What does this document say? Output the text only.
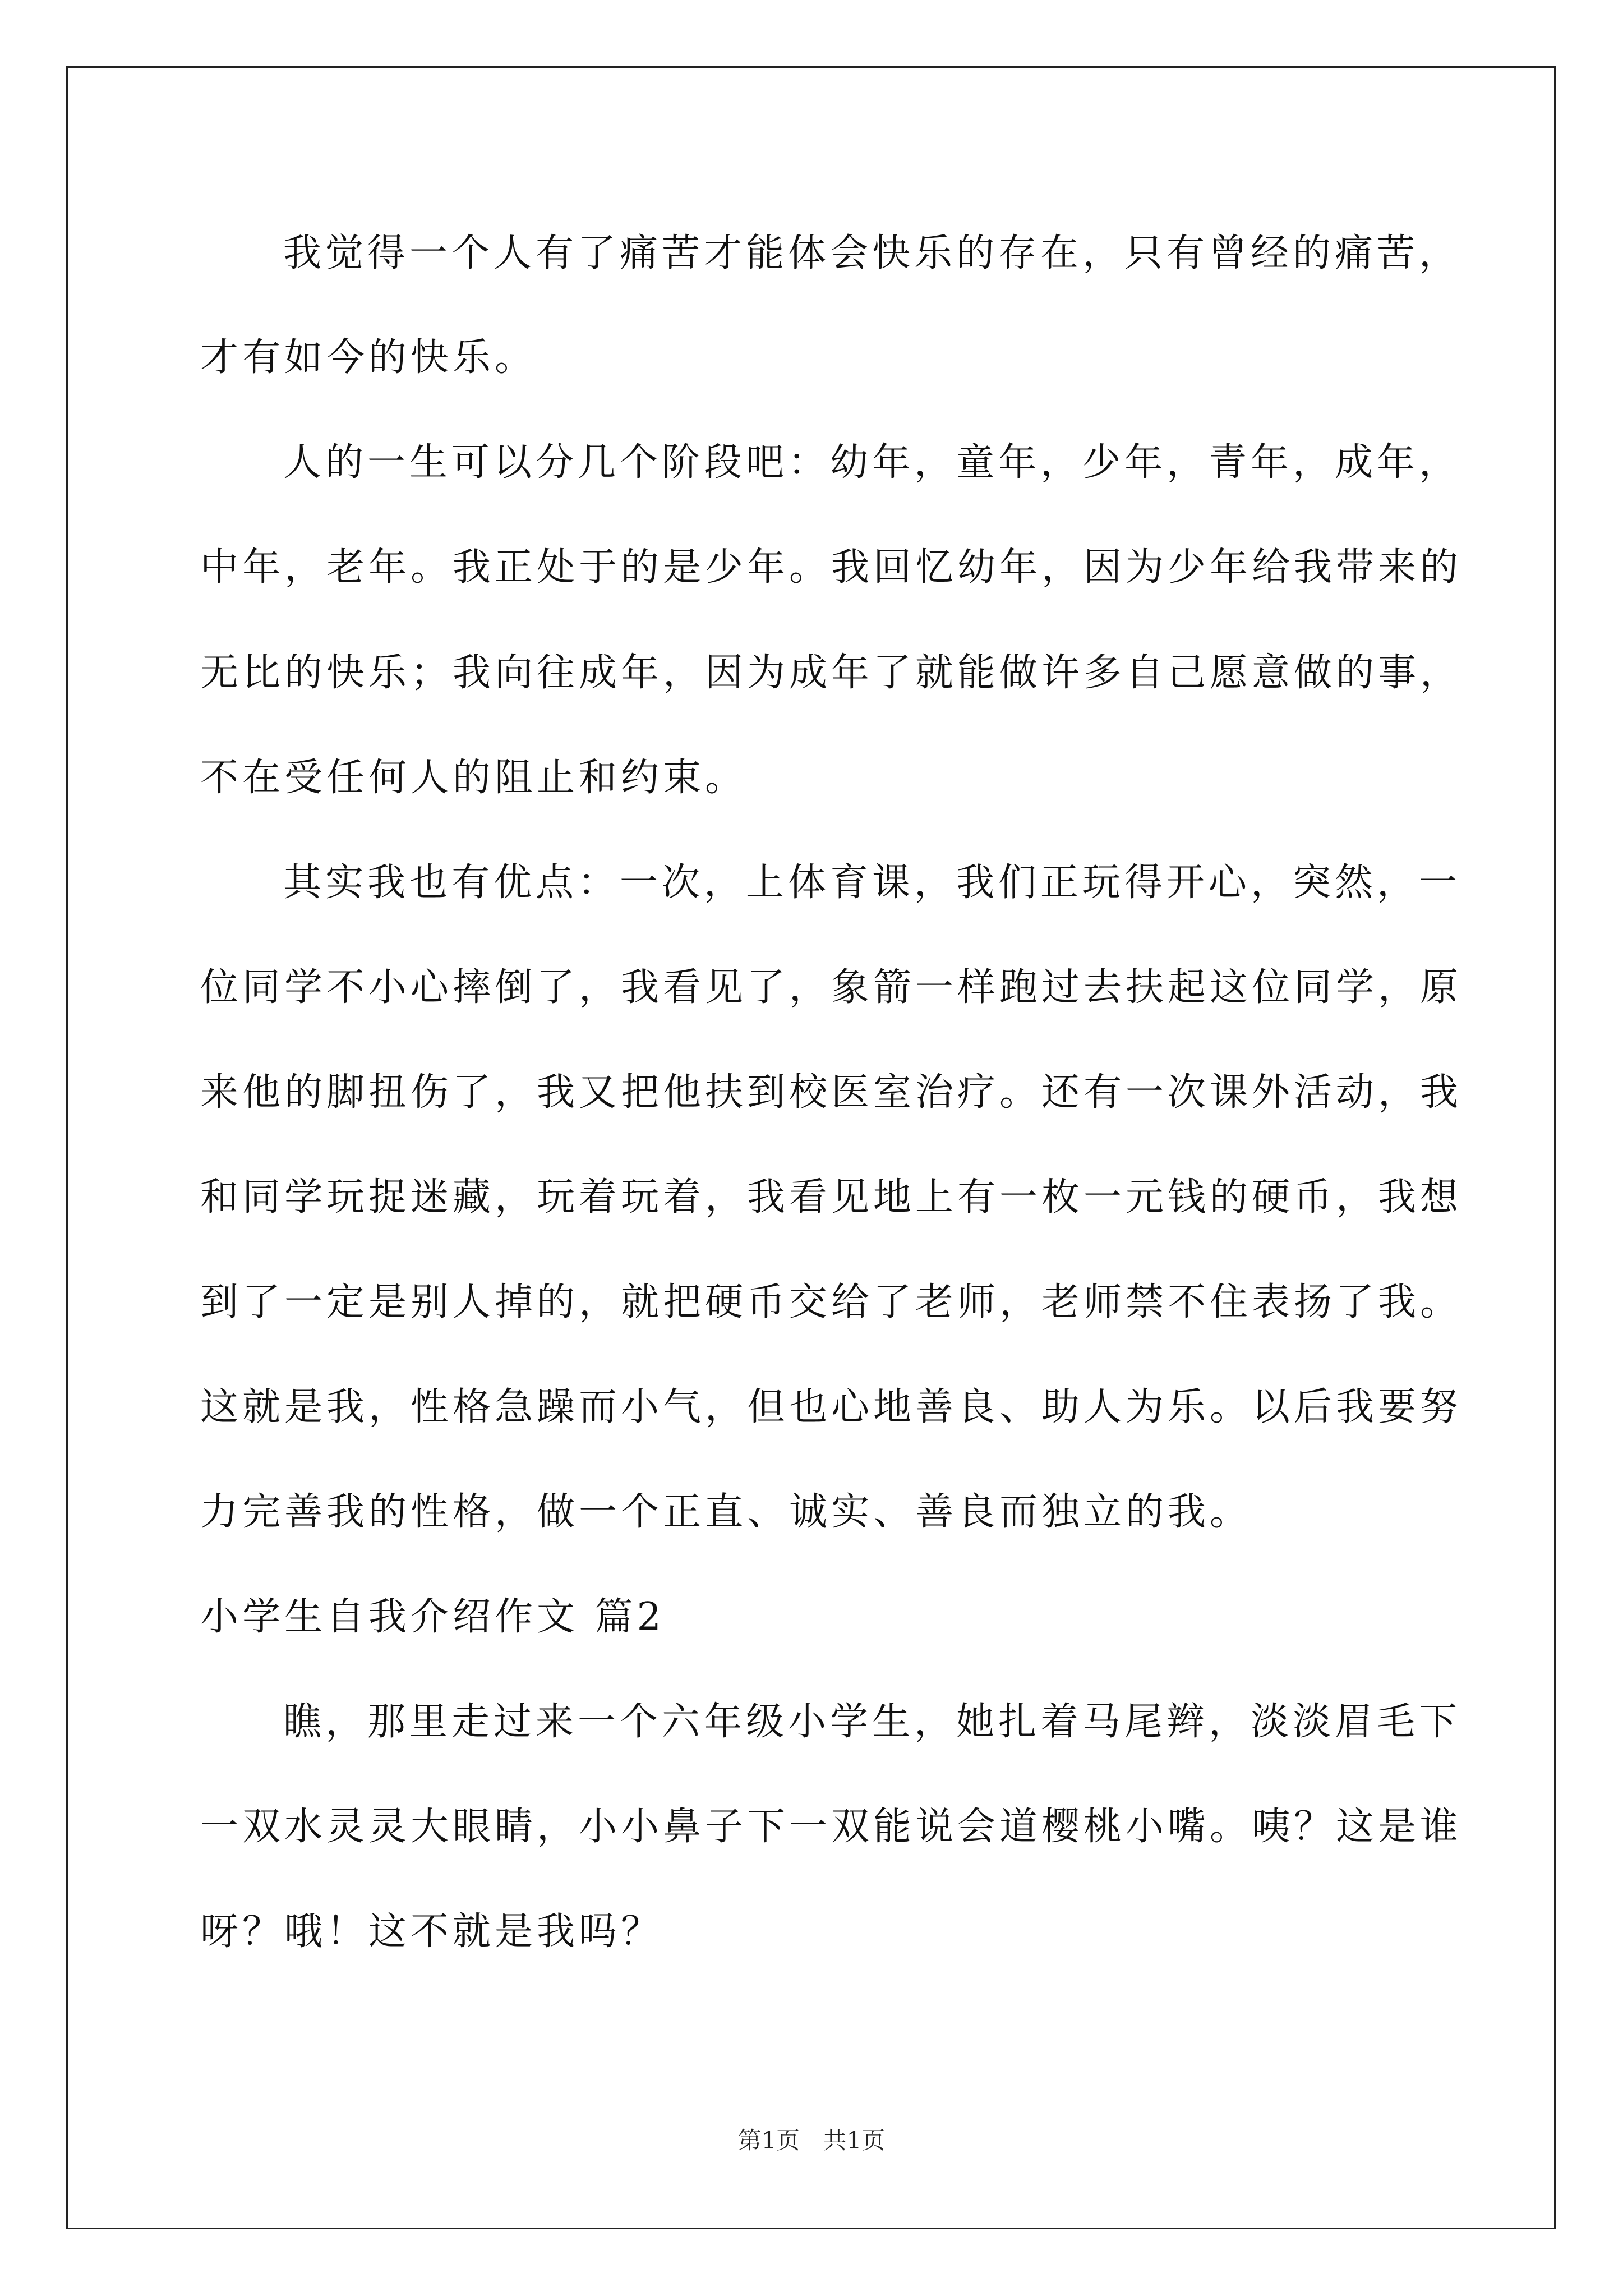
我觉得一个人有了痛苦才能体会快乐的存在，只有曾经的痛苦，
才有如今的快乐。
人的一生可以分几个阶段吧：幼年，童年，少年，青年，成年，
中年，老年。我正处于的是少年。我回忆幼年，因为少年给我带来的
无比的快乐；我向往成年，因为成年了就能做许多自己愿意做的事，
不在受任何人的阻止和约束。
其实我也有优点：一次，上体育课，我们正玩得开心，突然，一
位同学不小心摔倒了，我看见了，象箭一样跑过去扶起这位同学，原
来他的脚扭伤了，我又把他扶到校医室治疗。还有一次课外活动，我
和同学玩捉迷藏，玩着玩着，我看见地上有一枚一元钱的硬币，我想
到了一定是别人掉的，就把硬币交给了老师，老师禁不住表扬了我。
这就是我，性格急躁而小气，但也心地善良、助人为乐。以后我要努
力完善我的性格，做一个正直、诚实、善良而独立的我。
小学生自我介绍作文 篇2
瞧，那里走过来一个六年级小学生，她扎着马尾辫，淡淡眉毛下
一双水灵灵大眼睛，小小鼻子下一双能说会道樱桃小嘴。咦？这是谁
呀？哦！这不就是我吗？
第1页 共1页
